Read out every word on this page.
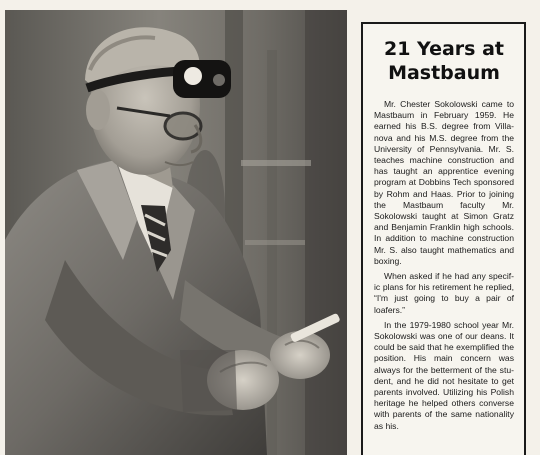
21 Years at
Mastbaum

Mr. Chester Sokolowski came to Mastbaum in February 1959. He earned his B.S. degree from Villanova and his M.S. degree from the University of Pennsylvania. Mr. S. teaches machine construction and has taught an apprentice evening program at Dobbins Tech sponsored by Rohm and Haas. Prior to joining the Mastbaum faculty Mr. Sokolowski taught at Simon Gratz and Benjamin Franklin high schools. In addition to machine construction Mr. S. also taught mathematics and boxing.

When asked if he had any specific plans for his retirement he replied, “I'm just going to buy a pair of loafers.”

In the 1979-1980 school year Mr. Sokolowski was one of our deans. It could be said that he exemplified the position. His main concern was always for the betterment of the student, and he did not hesitate to get parents involved. Utilizing his Polish heritage he helped others converse with parents of the same nationality as his.
